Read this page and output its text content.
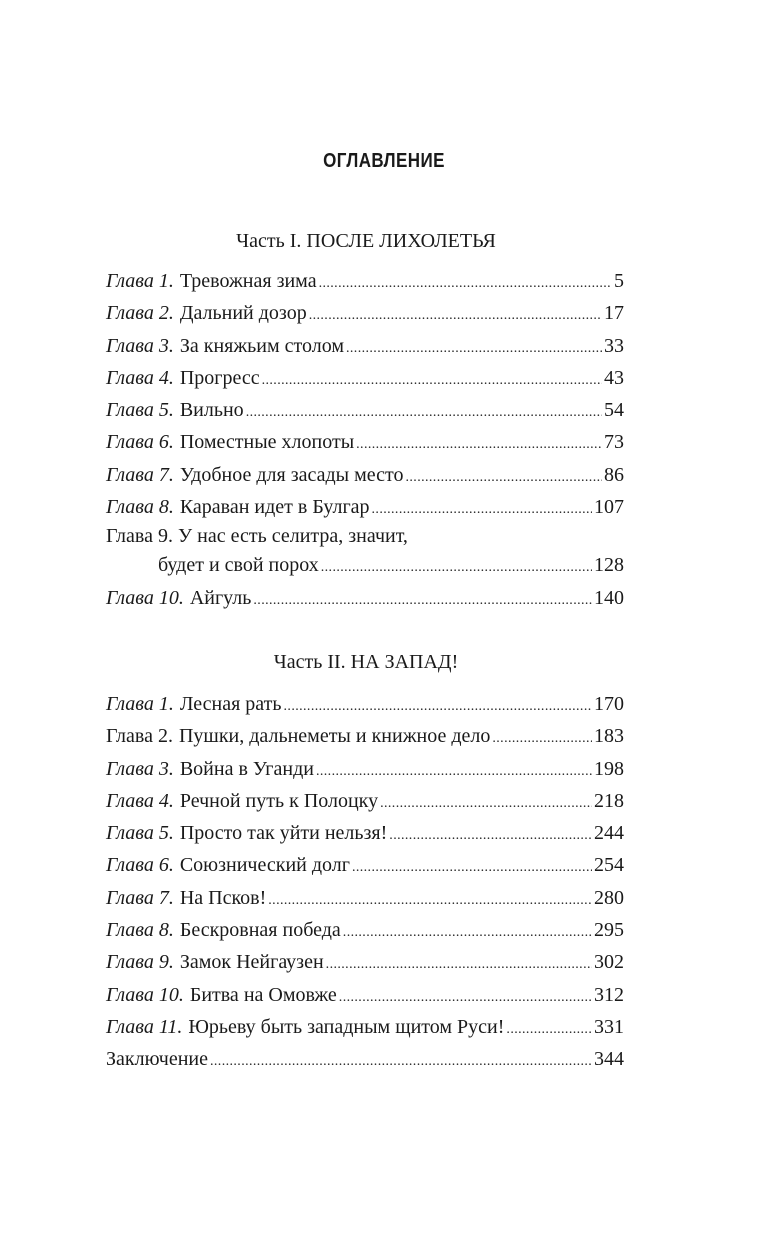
ОГЛАВЛЕНИЕ
Часть I. ПОСЛЕ ЛИХОЛЕТЬЯ
Глава 1. Тревожная зима .....	5
Глава 2. Дальний дозор .....	17
Глава 3. За княжьим столом .....	33
Глава 4. Прогресс .....	43
Глава 5. Вильно .....	54
Глава 6. Поместные хлопоты .....	73
Глава 7. Удобное для засады место .....	86
Глава 8. Караван идет в Булгар .....	107
Глава 9. У нас есть селитра, значит,
будет и свой порох .....	128
Глава 10. Айгуль .....	140
Часть II. НА ЗАПАД!
Глава 1. Лесная рать .....	170
Глава 2. Пушки, дальнеметы и книжное дело .....	183
Глава 3. Война в Уганди .....	198
Глава 4. Речной путь к Полоцку .....	218
Глава 5. Просто так уйти нельзя! .....	244
Глава 6. Союзнический долг .....	254
Глава 7. На Псков! .....	280
Глава 8. Бескровная победа .....	295
Глава 9. Замок Нейгаузен .....	302
Глава 10. Битва на Омовже .....	312
Глава 11. Юрьеву быть западным щитом Руси! .....	331
Заключение .....	344
